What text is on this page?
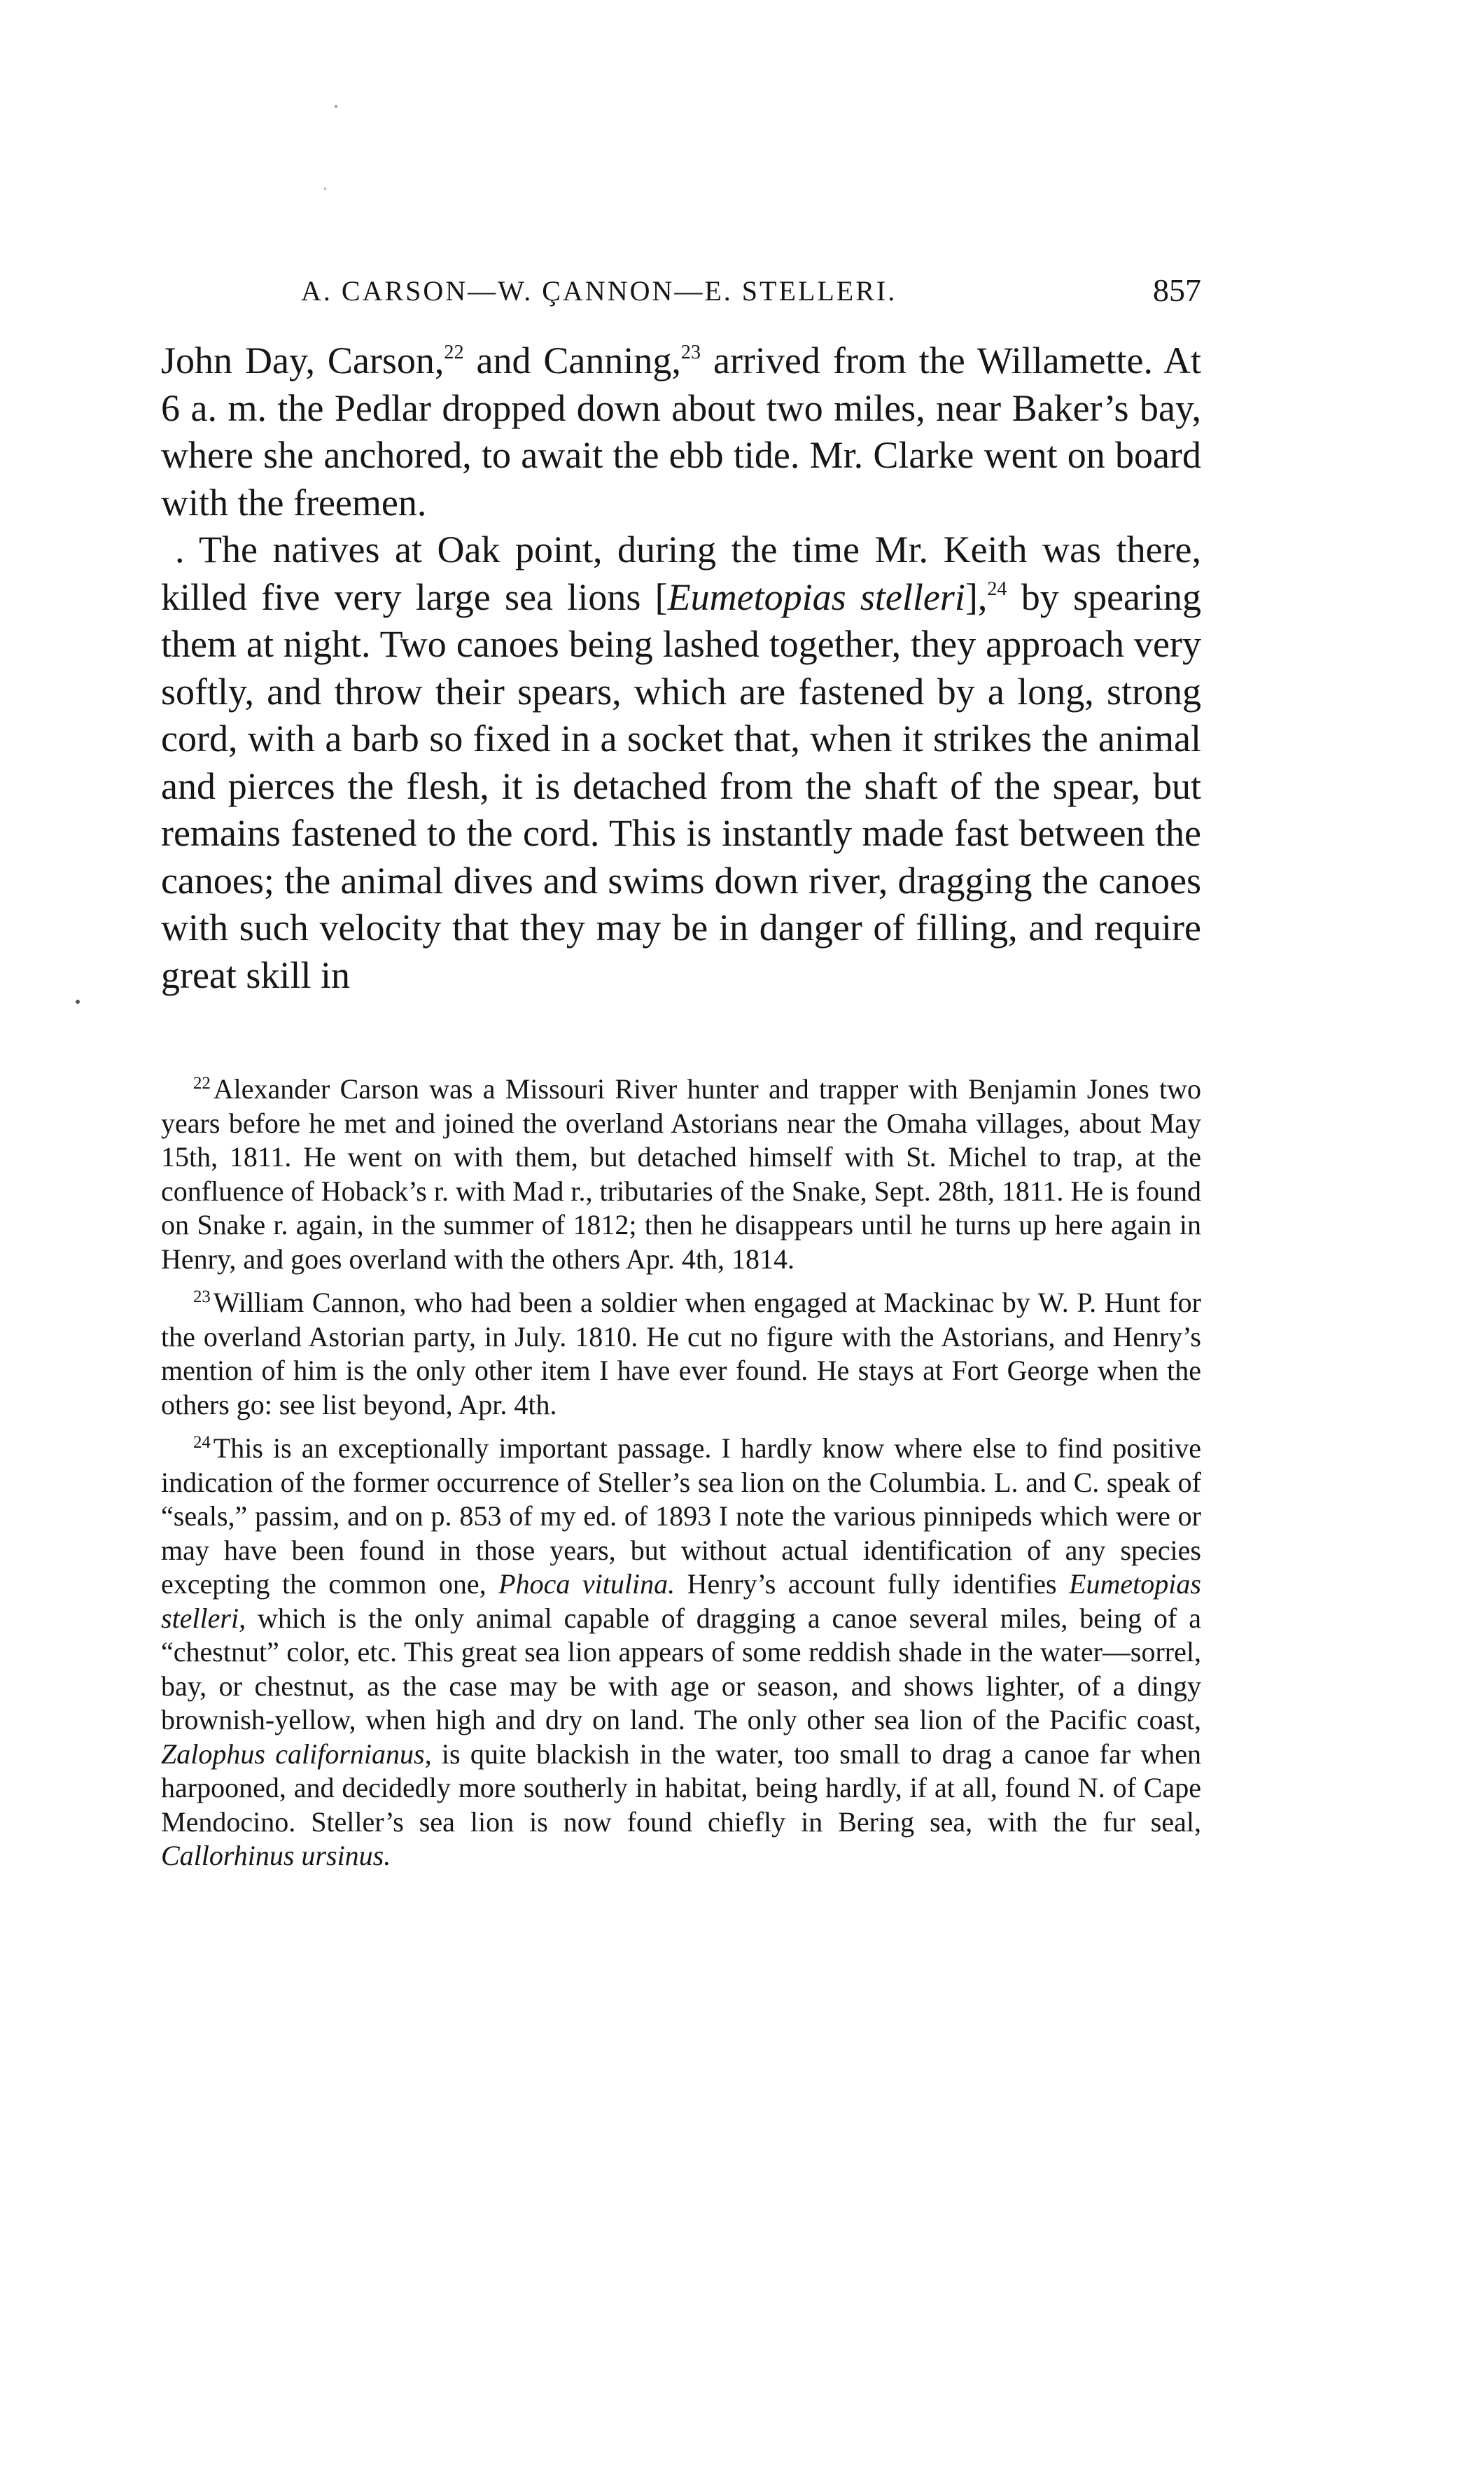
A. CARSON—W. ÇANNON—E. STELLERI.	857

John Day, Carson,$^{22}$ and Canning,$^{23}$ arrived from the Willamette. At 6 a. m. the Pedlar dropped down about two miles, near Baker’s bay, where she anchored, to await the ebb tide. Mr. Clarke went on board with the freemen.

. The natives at Oak point, during the time Mr. Keith was there, killed five very large sea lions [Eumetopias stelleri],$^{24}$ by spearing them at night. Two canoes being lashed together, they approach very softly, and throw their spears, which are fastened by a long, strong cord, with a barb so fixed in a socket that, when it strikes the animal and pierces the flesh, it is detached from the shaft of the spear, but remains fastened to the cord. This is instantly made fast between the canoes; the animal dives and swims down river, dragging the canoes with such velocity that they may be in danger of filling, and require great skill in

$^{22}$ Alexander Carson was a Missouri River hunter and trapper with Benjamin Jones two years before he met and joined the overland Astorians near the Omaha villages, about May 15th, 1811. He went on with them, but detached himself with St. Michel to trap, at the confluence of Hoback’s r. with Mad r., tributaries of the Snake, Sept. 28th, 1811. He is found on Snake r. again, in the summer of 1812; then he disappears until he turns up here again in Henry, and goes overland with the others Apr. 4th, 1814.

$^{23}$ William Cannon, who had been a soldier when engaged at Mackinac by W. P. Hunt for the overland Astorian party, in July. 1810. He cut no figure with the Astorians, and Henry’s mention of him is the only other item I have ever found. He stays at Fort George when the others go: see list beyond, Apr. 4th.

$^{24}$ This is an exceptionally important passage. I hardly know where else to find positive indication of the former occurrence of Steller’s sea lion on the Columbia. L. and C. speak of “seals,” passim, and on p. 853 of my ed. of 1893 I note the various pinnipeds which were or may have been found in those years, but without actual identification of any species excepting the common one, Phoca vitulina. Henry’s account fully identifies Eumetopias stelleri, which is the only animal capable of dragging a canoe several miles, being of a “chestnut” color, etc. This great sea lion appears of some reddish shade in the water—sorrel, bay, or chestnut, as the case may be with age or season, and shows lighter, of a dingy brownish-yellow, when high and dry on land. The only other sea lion of the Pacific coast, Zalophus californianus, is quite blackish in the water, too small to drag a canoe far when harpooned, and decidedly more southerly in habitat, being hardly, if at all, found N. of Cape Mendocino. Steller’s sea lion is now found chiefly in Bering sea, with the fur seal, Callorhinus ursinus.
